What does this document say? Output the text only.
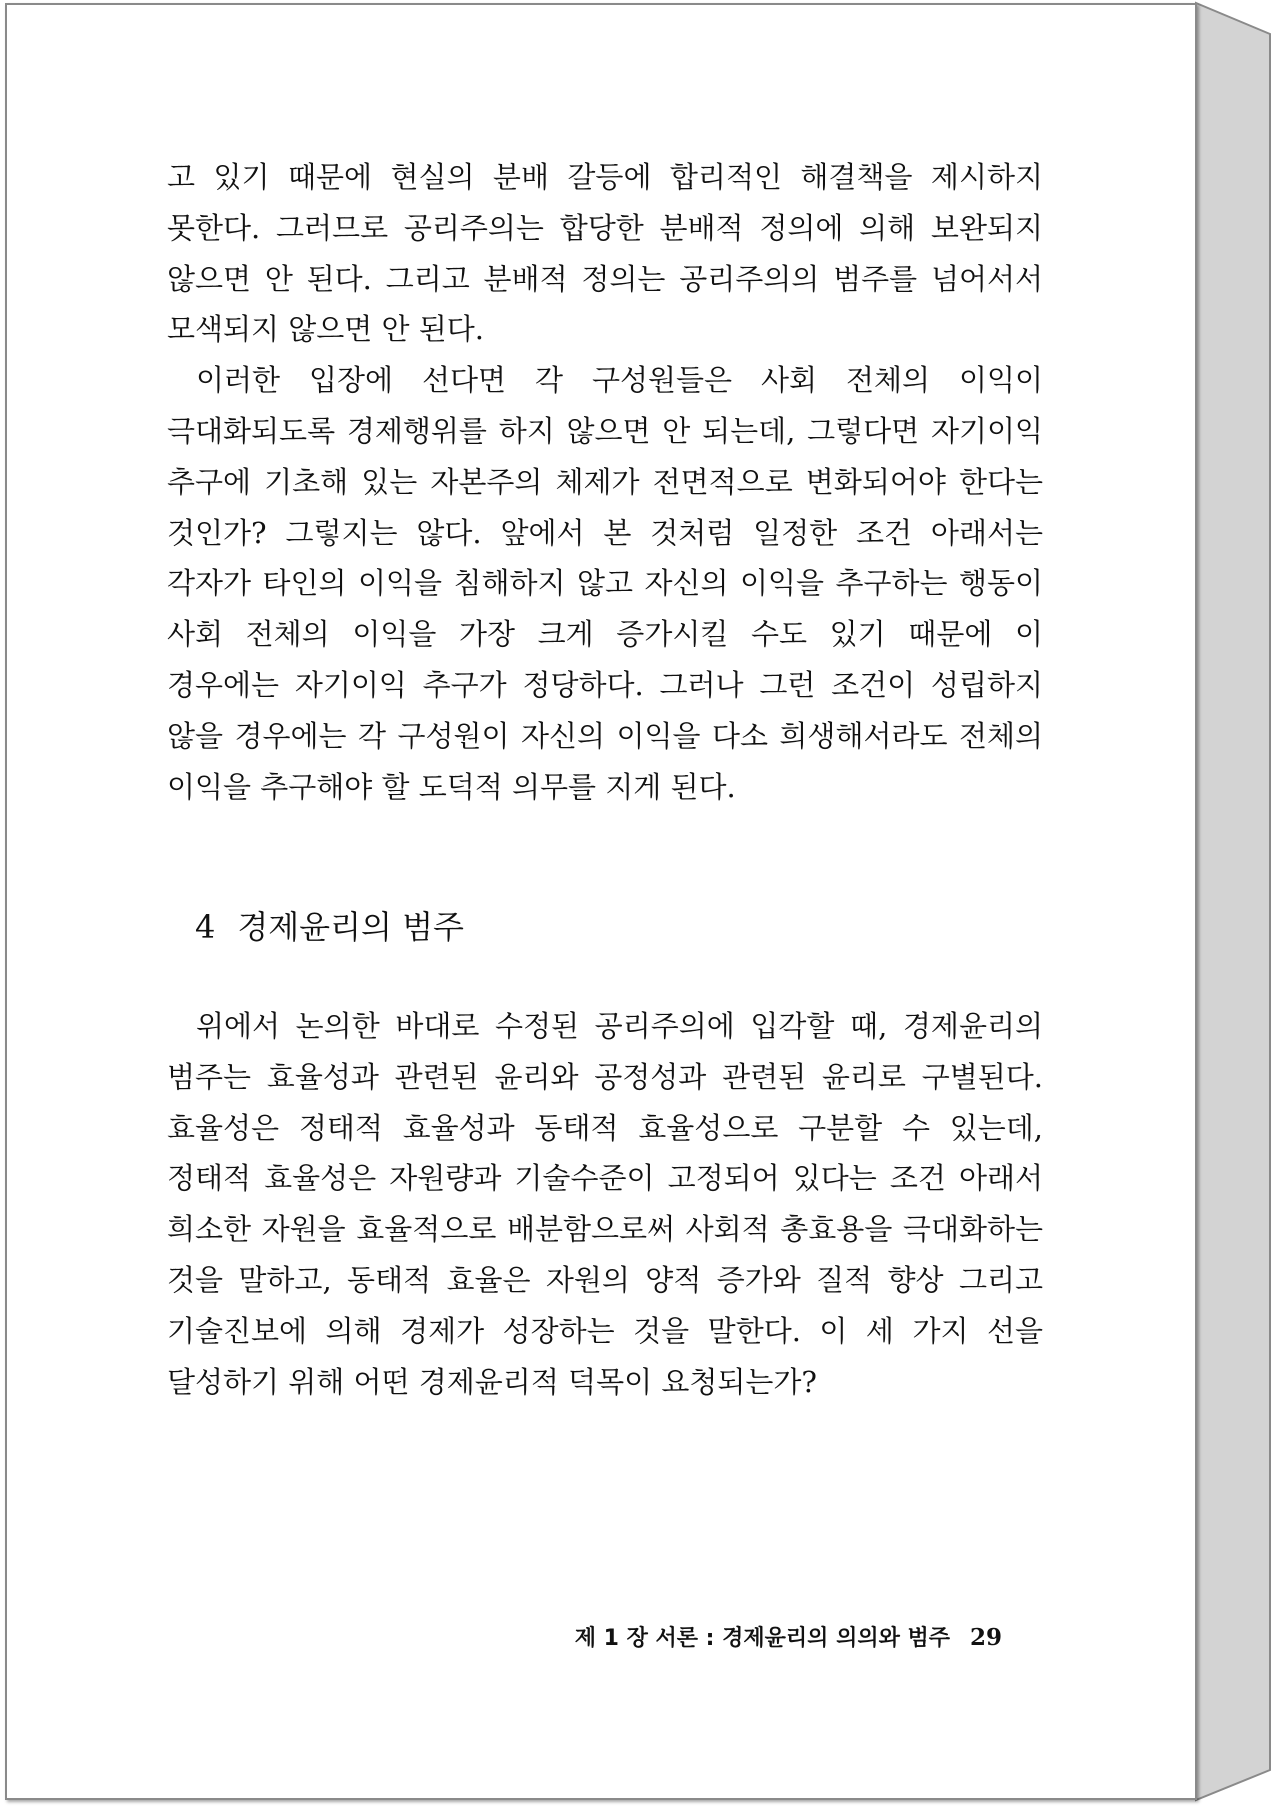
고 있기 때문에 현실의 분배 갈등에 합리적인 해결책을 제시하지 못한다. 그러므로 공리주의는 합당한 분배적 정의에 의해 보완되지 않으면 안 된다. 그리고 분배적 정의는 공리주의의 범주를 넘어서서 모색되지 않으면 안 된다.

이러한 입장에 선다면 각 구성원들은 사회 전체의 이익이 극대화되도록 경제행위를 하지 않으면 안 되는데, 그렇다면 자기이익 추구에 기초해 있는 자본주의 체제가 전면적으로 변화되어야 한다는 것인가? 그렇지는 않다. 앞에서 본 것처럼 일정한 조건 아래서는 각자가 타인의 이익을 침해하지 않고 자신의 이익을 추구하는 행동이 사회 전체의 이익을 가장 크게 증가시킬 수도 있기 때문에 이 경우에는 자기이익 추구가 정당하다. 그러나 그런 조건이 성립하지 않을 경우에는 각 구성원이 자신의 이익을 다소 희생해서라도 전체의 이익을 추구해야 할 도덕적 의무를 지게 된다.

4 경제윤리의 범주

위에서 논의한 바대로 수정된 공리주의에 입각할 때, 경제윤리의 범주는 효율성과 관련된 윤리와 공정성과 관련된 윤리로 구별된다. 효율성은 정태적 효율성과 동태적 효율성으로 구분할 수 있는데, 정태적 효율성은 자원량과 기술수준이 고정되어 있다는 조건 아래서 희소한 자원을 효율적으로 배분함으로써 사회적 총효용을 극대화하는 것을 말하고, 동태적 효율은 자원의 양적 증가와 질적 향상 그리고 기술진보에 의해 경제가 성장하는 것을 말한다. 이 세 가지 선을 달성하기 위해 어떤 경제윤리적 덕목이 요청되는가?

제 1 장 서론 : 경제윤리의 의의와 범주 29
